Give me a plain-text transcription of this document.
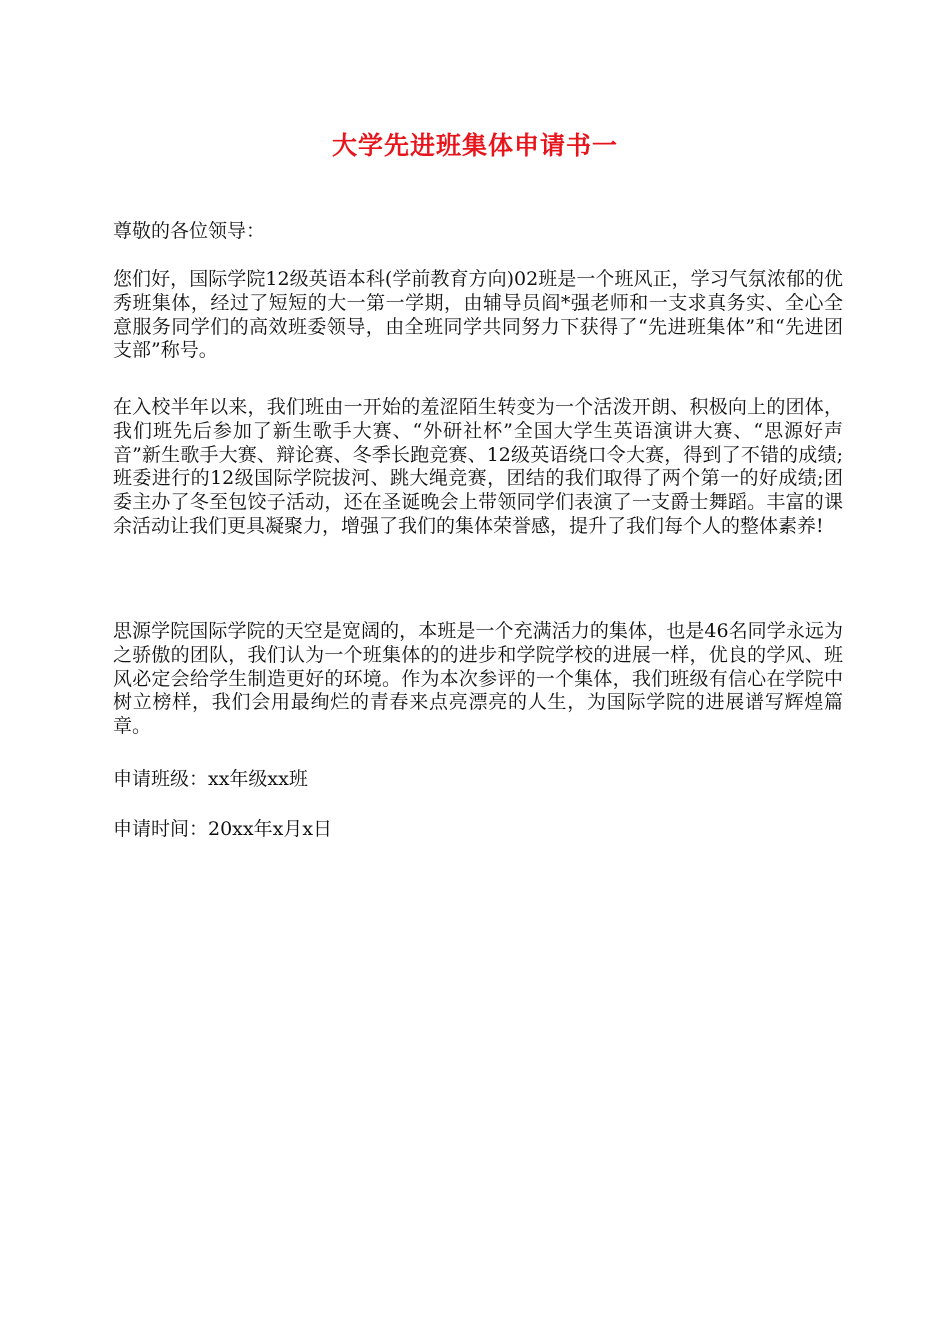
大学先进班集体申请书一

尊敬的各位领导：

您们好，国际学院12级英语本科(学前教育方向)02班是一个班风正，学习气氛浓郁的优秀班集体，经过了短短的大一第一学期，由辅导员阎*强老师和一支求真务实、全心全意服务同学们的高效班委领导，由全班同学共同努力下获得了“先进班集体”和“先进团支部”称号。

在入校半年以来，我们班由一开始的羞涩陌生转变为一个活泼开朗、积极向上的团体，我们班先后参加了新生歌手大赛、“外研社杯”全国大学生英语演讲大赛、“思源好声音”新生歌手大赛、辩论赛、冬季长跑竞赛、12级英语绕口令大赛，得到了不错的成绩;班委进行的12级国际学院拔河、跳大绳竞赛，团结的我们取得了两个第一的好成绩;团委主办了冬至包饺子活动，还在圣诞晚会上带领同学们表演了一支爵士舞蹈。丰富的课余活动让我们更具凝聚力，增强了我们的集体荣誉感，提升了我们每个人的整体素养!

思源学院国际学院的天空是宽阔的，本班是一个充满活力的集体，也是46名同学永远为之骄傲的团队，我们认为一个班集体的的进步和学院学校的进展一样，优良的学风、班风必定会给学生制造更好的环境。作为本次参评的一个集体，我们班级有信心在学院中树立榜样，我们会用最绚烂的青春来点亮漂亮的人生，为国际学院的进展谱写辉煌篇章。

申请班级：xx年级xx班

申请时间：20xx年x月x日
